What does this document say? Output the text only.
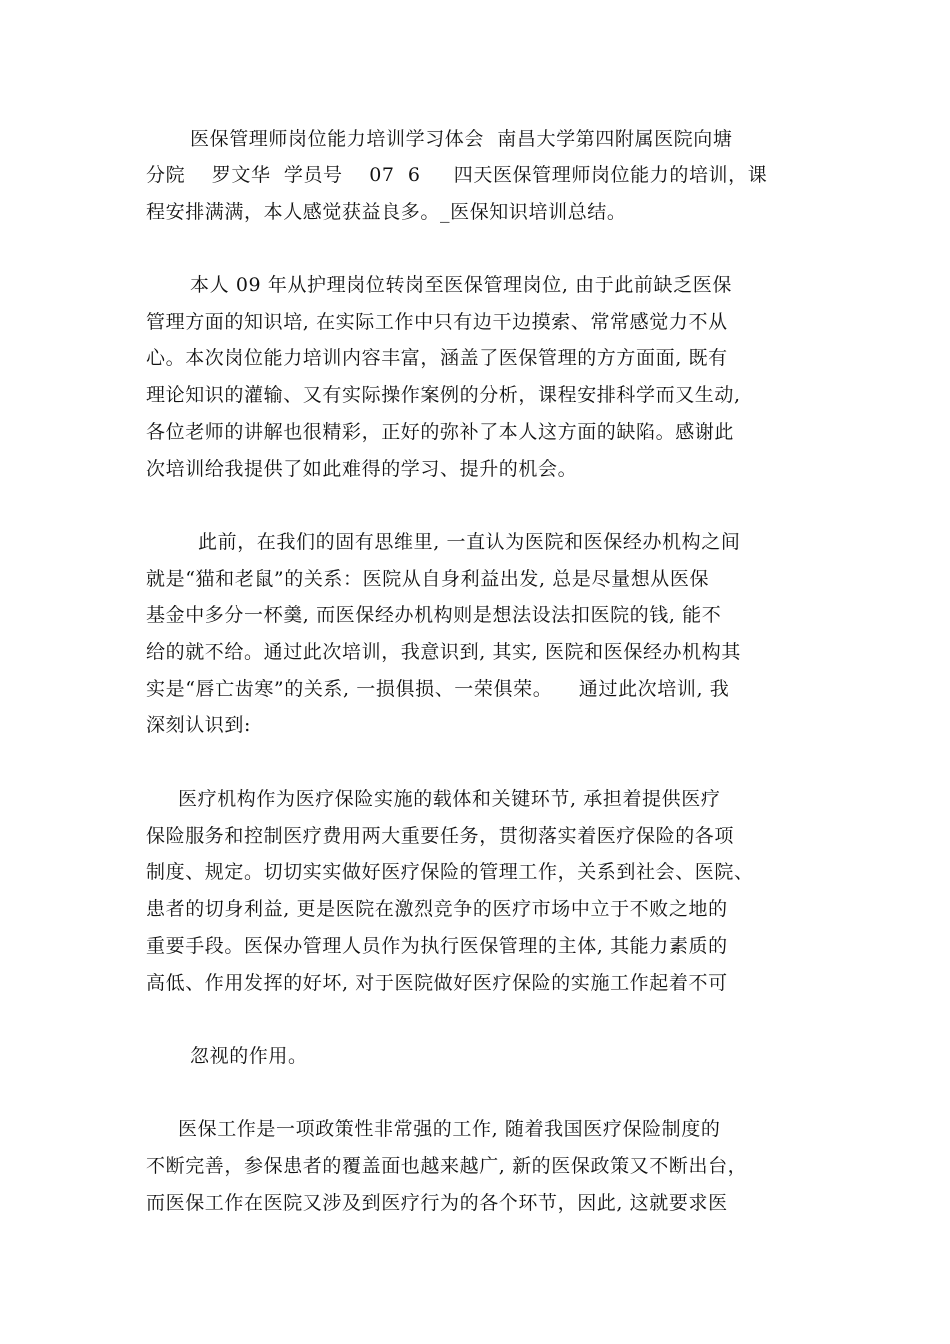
医保管理师岗位能力培训学习体会  南昌大学第四附属医院向塘
分院    罗文华  学员号    07  6     四天医保管理师岗位能力的培训，课
程安排满满，本人感觉获益良多。_医保知识培训总结。
本人 09 年从护理岗位转岗至医保管理岗位, 由于此前缺乏医保
管理方面的知识培, 在实际工作中只有边干边摸索、常常感觉力不从
心。本次岗位能力培训内容丰富，涵盖了医保管理的方方面面, 既有
理论知识的灌输、又有实际操作案例的分析，课程安排科学而又生动,
各位老师的讲解也很精彩，正好的弥补了本人这方面的缺陷。感谢此
次培训给我提供了如此难得的学习、提升的机会。
此前，在我们的固有思维里, 一直认为医院和医保经办机构之间
就是“猫和老鼠”的关系：医院从自身利益出发, 总是尽量想从医保
基金中多分一杯羹, 而医保经办机构则是想法设法扣医院的钱, 能不
给的就不给。通过此次培训，我意识到, 其实, 医院和医保经办机构其
实是“唇亡齿寒”的关系, 一损俱损、一荣俱荣。    通过此次培训, 我
深刻认识到:
医疗机构作为医疗保险实施的载体和关键环节, 承担着提供医疗
保险服务和控制医疗费用两大重要任务，贯彻落实着医疗保险的各项
制度、规定。切切实实做好医疗保险的管理工作，关系到社会、医院、
患者的切身利益, 更是医院在激烈竞争的医疗市场中立于不败之地的
重要手段。医保办管理人员作为执行医保管理的主体, 其能力素质的
高低、作用发挥的好坏, 对于医院做好医疗保险的实施工作起着不可
忽视的作用。
医保工作是一项政策性非常强的工作, 随着我国医疗保险制度的
不断完善，参保患者的覆盖面也越来越广, 新的医保政策又不断出台，
而医保工作在医院又涉及到医疗行为的各个环节，因此, 这就要求医
